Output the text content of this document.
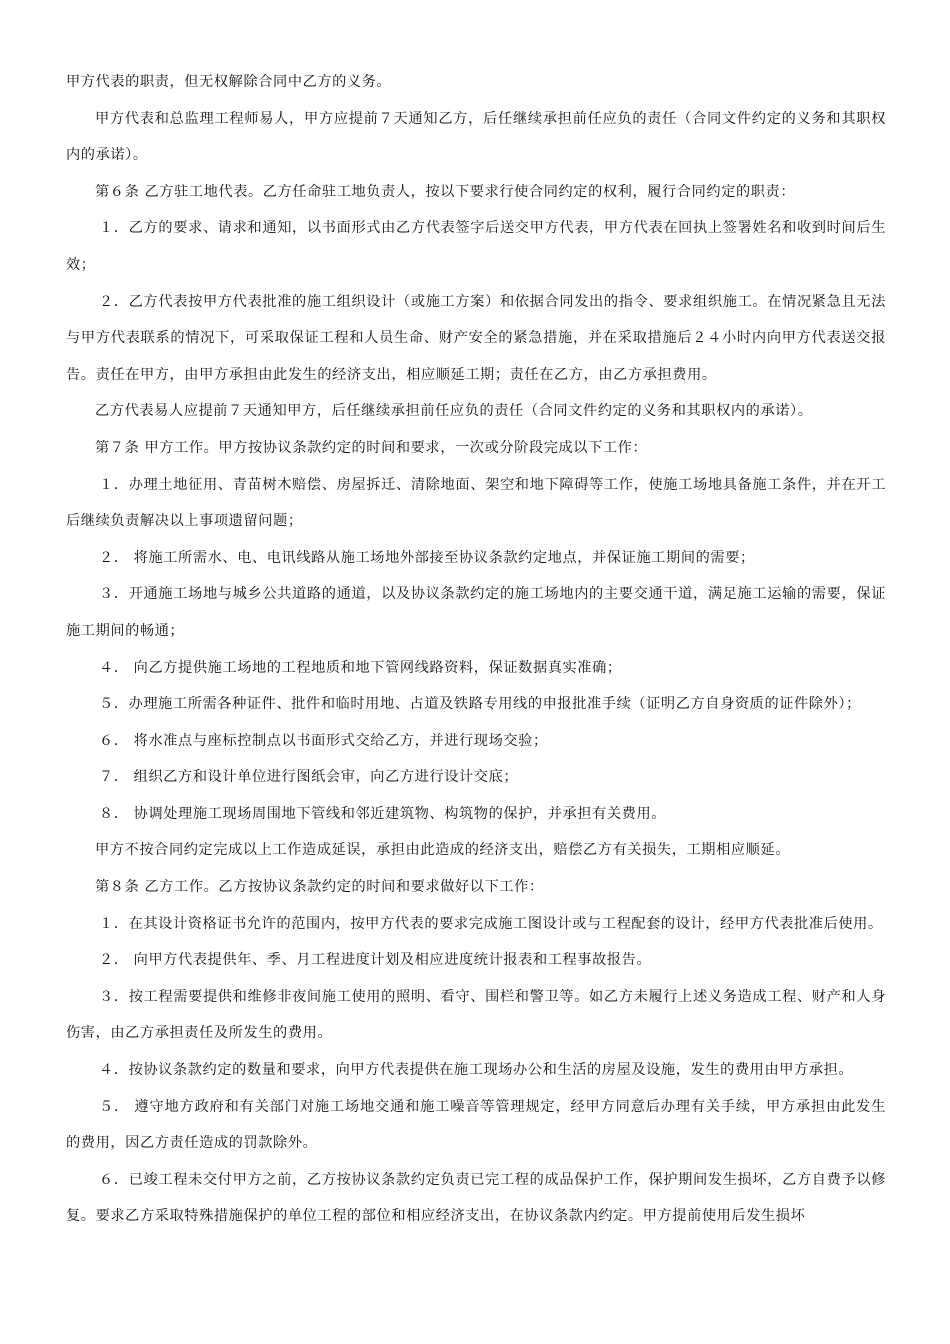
甲方代表的职责，但无权解除合同中乙方的义务。

甲方代表和总监理工程师易人，甲方应提前７天通知乙方，后任继续承担前任应负的责任（合同文件约定的义务和其职权内的承诺）。

第６条 乙方驻工地代表。乙方任命驻工地负责人，按以下要求行使合同约定的权利，履行合同约定的职责：

１．乙方的要求、请求和通知，以书面形式由乙方代表签字后送交甲方代表，甲方代表在回执上签署姓名和收到时间后生效；

２．乙方代表按甲方代表批准的施工组织设计（或施工方案）和依据合同发出的指令、要求组织施工。在情况紧急且无法与甲方代表联系的情况下，可采取保证工程和人员生命、财产安全的紧急措施，并在采取措施后２４小时内向甲方代表送交报告。责任在甲方，由甲方承担由此发生的经济支出，相应顺延工期；责任在乙方，由乙方承担费用。

乙方代表易人应提前７天通知甲方，后任继续承担前任应负的责任（合同文件约定的义务和其职权内的承诺）。

第７条 甲方工作。甲方按协议条款约定的时间和要求，一次或分阶段完成以下工作：

１．办理土地征用、青苗树木赔偿、房屋拆迁、清除地面、架空和地下障碍等工作，使施工场地具备施工条件，并在开工后继续负责解决以上事项遗留问题；

２． 将施工所需水、电、电讯线路从施工场地外部接至协议条款约定地点，并保证施工期间的需要；

３．开通施工场地与城乡公共道路的通道，以及协议条款约定的施工场地内的主要交通干道，满足施工运输的需要，保证施工期间的畅通；

４． 向乙方提供施工场地的工程地质和地下管网线路资料，保证数据真实准确；

５．办理施工所需各种证件、批件和临时用地、占道及铁路专用线的申报批准手续（证明乙方自身资质的证件除外）；

６． 将水准点与座标控制点以书面形式交给乙方，并进行现场交验；

７． 组织乙方和设计单位进行图纸会审，向乙方进行设计交底；

８． 协调处理施工现场周围地下管线和邻近建筑物、构筑物的保护，并承担有关费用。

甲方不按合同约定完成以上工作造成延误，承担由此造成的经济支出，赔偿乙方有关损失，工期相应顺延。

第８条 乙方工作。乙方按协议条款约定的时间和要求做好以下工作：

１．在其设计资格证书允许的范围内，按甲方代表的要求完成施工图设计或与工程配套的设计，经甲方代表批准后使用。

２． 向甲方代表提供年、季、月工程进度计划及相应进度统计报表和工程事故报告。

３．按工程需要提供和维修非夜间施工使用的照明、看守、围栏和警卫等。如乙方未履行上述义务造成工程、财产和人身伤害，由乙方承担责任及所发生的费用。

４．按协议条款约定的数量和要求，向甲方代表提供在施工现场办公和生活的房屋及设施，发生的费用由甲方承担。

５． 遵守地方政府和有关部门对施工场地交通和施工噪音等管理规定，经甲方同意后办理有关手续，甲方承担由此发生的费用，因乙方责任造成的罚款除外。

６．已竣工程未交付甲方之前，乙方按协议条款约定负责已完工程的成品保护工作，保护期间发生损坏，乙方自费予以修复。要求乙方采取特殊措施保护的单位工程的部位和相应经济支出，在协议条款内约定。甲方提前使用后发生损坏
